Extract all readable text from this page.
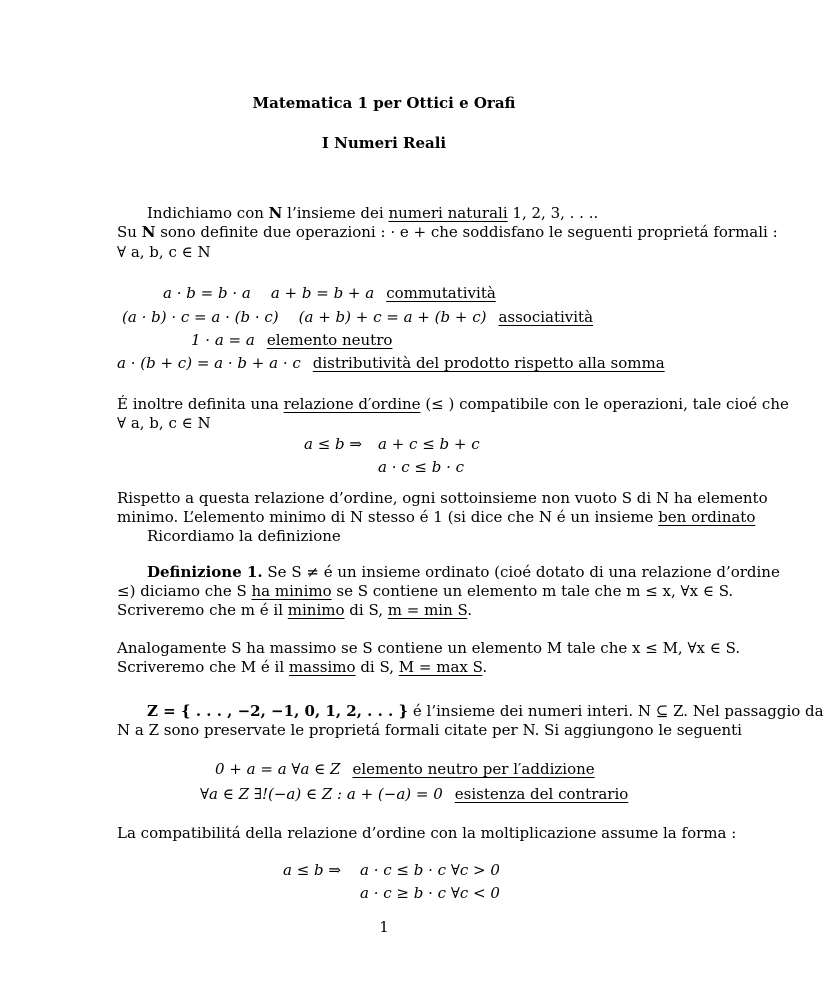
Matematica 1 per Ottici e Orafi
I Numeri Reali
Indichiamo con N l’insieme dei numeri naturali 1, 2, 3, . . ..
Su N sono definite due operazioni : · e + che soddisfano le seguenti proprietá formali :
∀ a, b, c ∈ N
a · b = b · a a + b = b + a commutatività
(a · b) · c = a · (b · c) (a + b) + c = a + (b + c) associatività
1 · a = a elemento neutro
a · (b + c) = a · b + a · c distributività del prodotto rispetto alla somma
É inoltre definita una relazione d′ordine (≤ ) compatibile con le operazioni, tale cioé che
∀ a, b, c ∈ N
a ≤ b ⇒ a + c ≤ b + c
a · c ≤ b · c
Rispetto a questa relazione d’ordine, ogni sottoinsieme non vuoto S di N ha elemento
minimo. L’elemento minimo di N stesso é 1 (si dice che N é un insieme ben ordinato
Ricordiamo la definizione
Definizione 1. Se S ≠ é un insieme ordinato (cioé dotato di una relazione d’ordine
≤) diciamo che S ha minimo se S contiene un elemento m tale che m ≤ x, ∀x ∈ S.
Scriveremo che m é il minimo di S, m = min S.
Analogamente S ha massimo se S contiene un elemento M tale che x ≤ M, ∀x ∈ S.
Scriveremo che M é il massimo di S, M = max S.
Z = { . . . , −2, −1, 0, 1, 2, . . . } é l’insieme dei numeri interi. N ⊆ Z. Nel passaggio da
N a Z sono preservate le proprietá formali citate per N. Si aggiungono le seguenti
0 + a = a ∀a ∈ Z elemento neutro per l′addizione
∀a ∈ Z ∃!(−a) ∈ Z : a + (−a) = 0 esistenza del contrario
La compatibilitá della relazione d’ordine con la moltiplicazione assume la forma :
a ≤ b ⇒ a · c ≤ b · c ∀c > 0
a · c ≥ b · c ∀c < 0
1
